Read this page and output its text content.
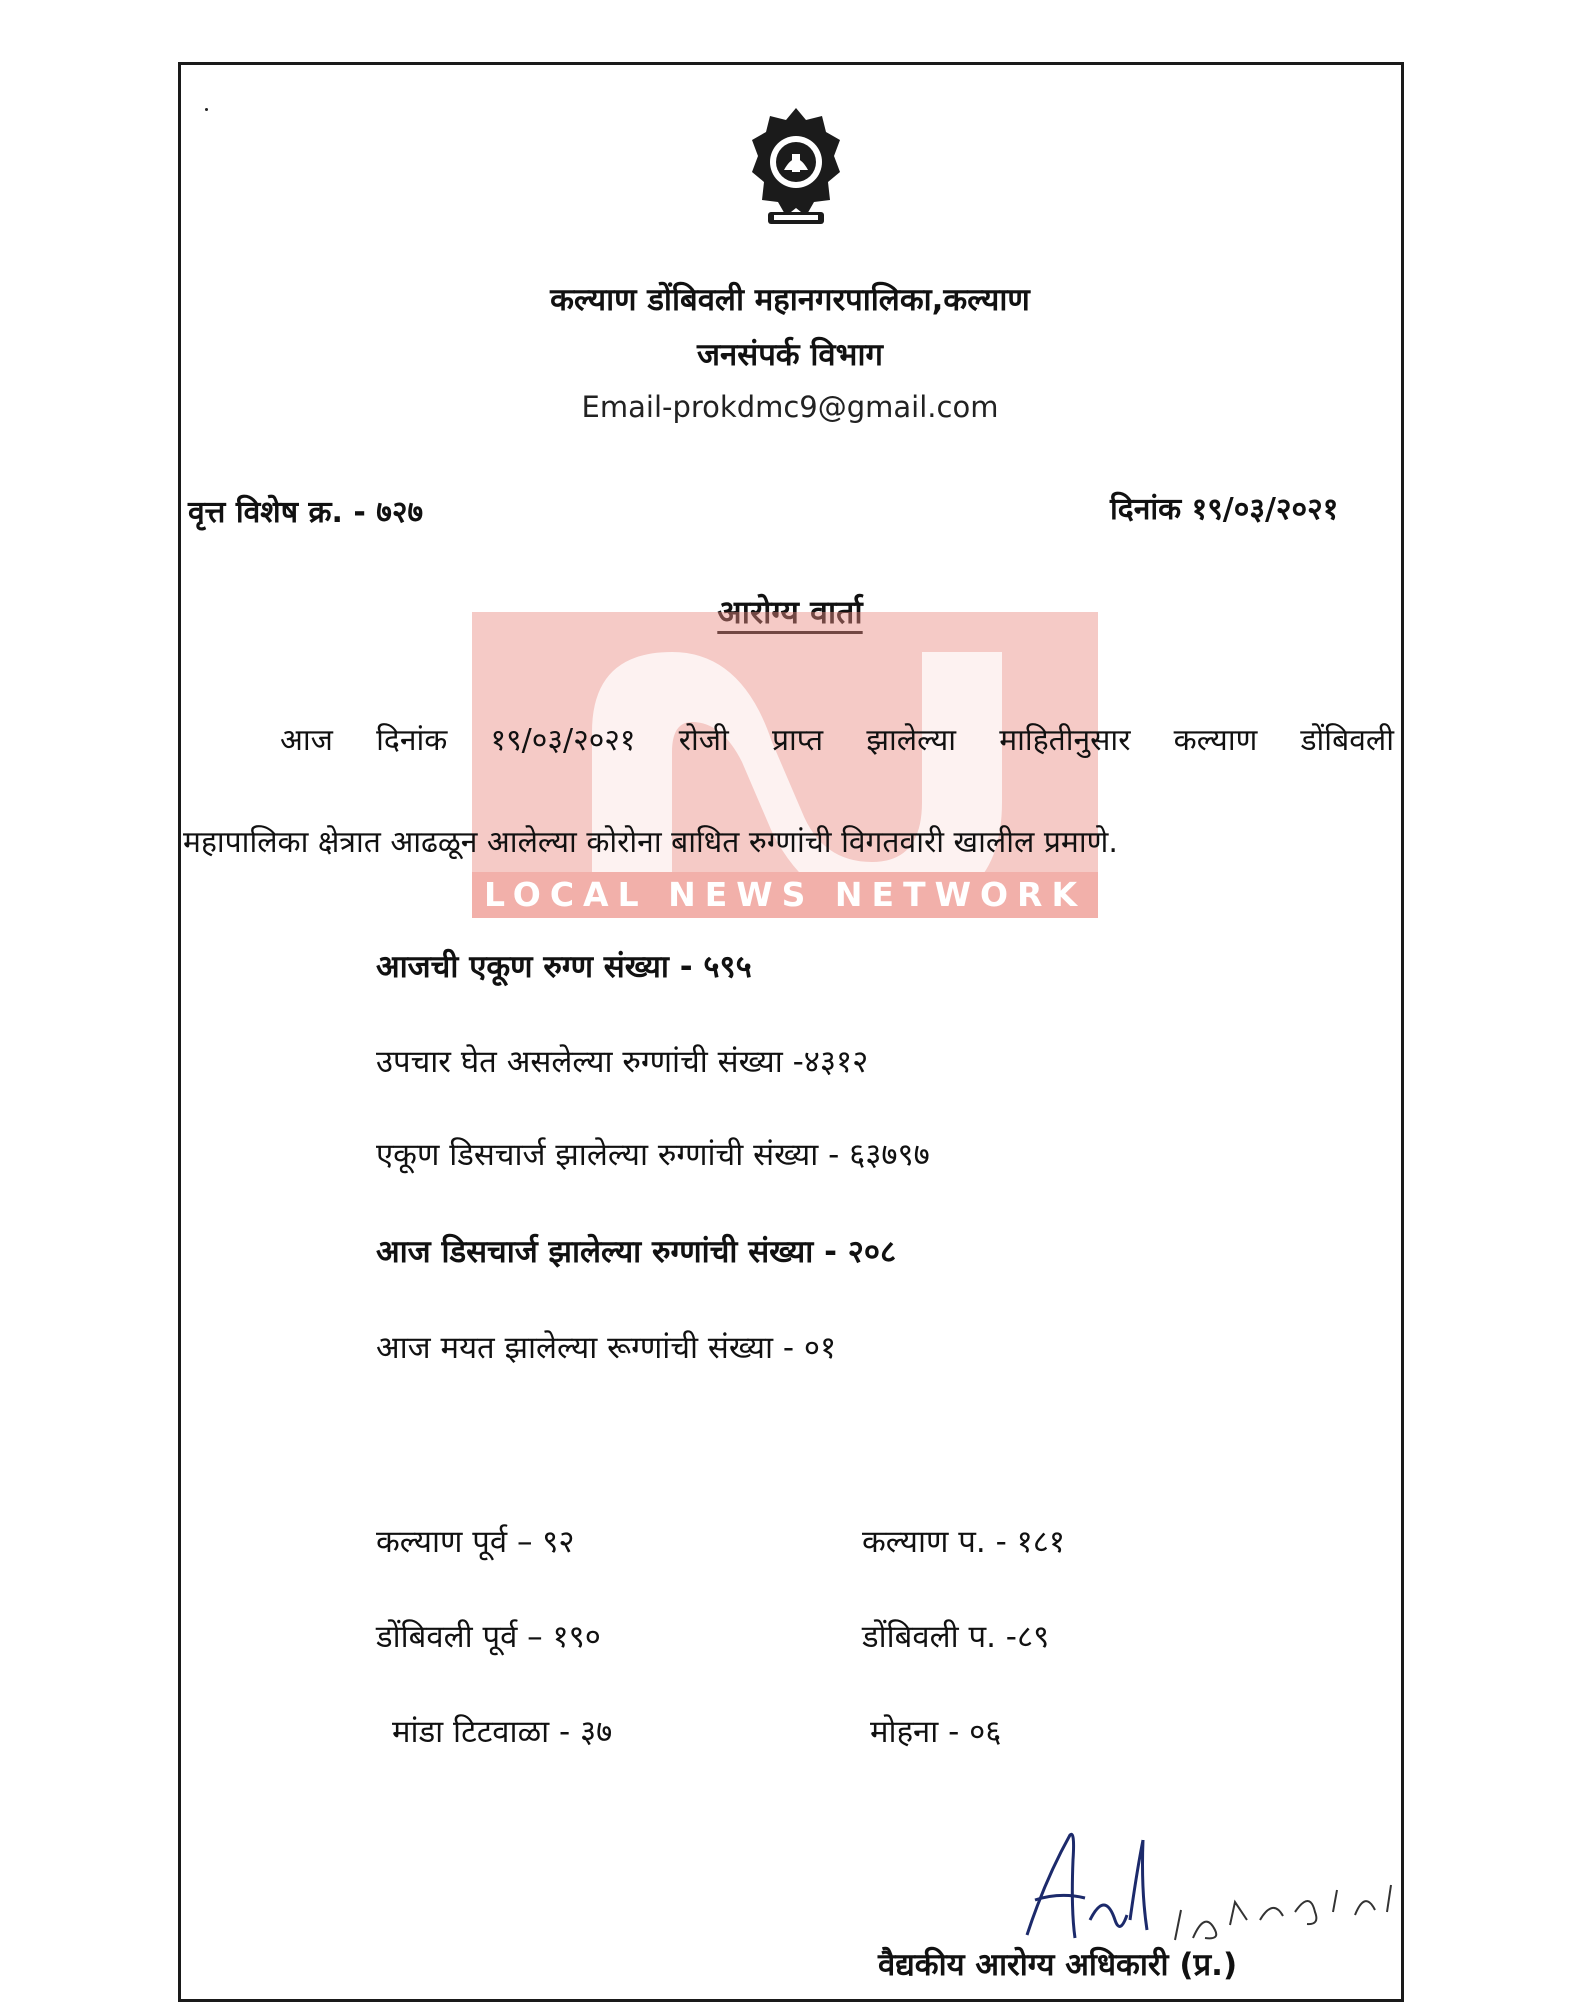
कल्याण डोंबिवली महानगरपालिका,कल्याण
जनसंपर्क विभाग
Email-prokdmc9@gmail.com
वृत्त विशेष क्र. - ७२७	दिनांक १९/०३/२०२१
आरोग्य वार्ता
LOCAL NEWS NETWORK
आज दिनांक १९/०३/२०२१ रोजी प्राप्त झालेल्या माहितीनुसार कल्याण डोंबिवली
महापालिका क्षेत्रात आढळून आलेल्या कोरोना बाधित रुग्णांची विगतवारी खालील प्रमाणे.
आजची एकूण रुग्ण संख्या - ५९५
उपचार घेत असलेल्या रुग्णांची संख्या -४३१२
एकूण डिसचार्ज झालेल्या रुग्णांची संख्या - ६३७९७
आज डिसचार्ज झालेल्या रुग्णांची संख्या - २०८
आज मयत झालेल्या रूग्णांची संख्या - ०१
कल्याण पूर्व – ९२	कल्याण प. - १८१
डोंबिवली पूर्व – १९०	डोंबिवली प. -८९
मांडा टिटवाळा - ३७	मोहना - ०६
वैद्यकीय आरोग्य अधिकारी (प्र.)
